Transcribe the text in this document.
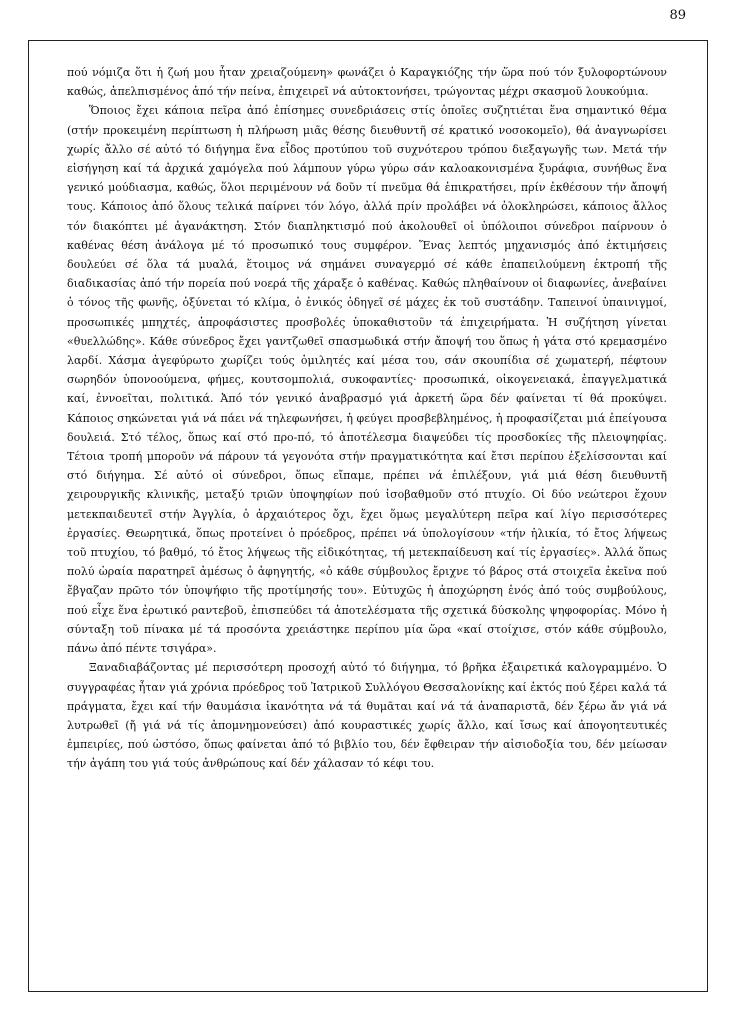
89

πού νόμιζα ὅτι ἡ ζωή μου ἦταν χρειαζούμενη» φωνάζει ὁ Καραγκιόζης τήν ὥρα πού τόν ξυλοφορτώνουν καθώς, ἀπελπισμένος ἀπό τήν πείνα, ἐπιχειρεῖ νά αὐτοκτονήσει, τρώγοντας μέχρι σκασμοῦ λουκούμια.

Ὅποιος ἔχει κάποια πεῖρα ἀπό ἐπίσημες συνεδριάσεις στίς ὁποῖες συζητιέται ἕνα σημαντικό θέμα (στήν προκειμένη περίπτωση ἡ πλήρωση μιᾶς θέσης διευθυντῆ σέ κρατικό νοσοκομεῖο), θά ἀναγνωρίσει χωρίς ἄλλο σέ αὐτό τό διήγημα ἕνα εἶδος προτύπου τοῦ συχνότερου τρόπου διεξαγωγῆς των. Μετά τήν εἰσήγηση καί τά ἀρχικά χαμόγελα πού λάμπουν γύρω γύρω σάν καλοακονισμένα ξυράφια, συνήθως ἕνα γενικό μούδιασμα, καθώς, ὅλοι περιμένουν νά δοῦν τί πνεῦμα θά ἐπικρατήσει, πρίν ἐκθέσουν τήν ἄποψή τους. Κάποιος ἀπό ὅλους τελικά παίρνει τόν λόγο, ἀλλά πρίν προλάβει νά ὁλοκληρώσει, κάποιος ἄλλος τόν διακόπτει μέ ἀγανάκτηση. Στόν διαπληκτισμό πού ἀκολουθεῖ οἱ ὑπόλοιποι σύνεδροι παίρνουν ὁ καθένας θέση ἀνάλογα μέ τό προσωπικό τους συμφέρον. Ἕνας λεπτός μηχανισμός ἀπό ἐκτιμήσεις δουλεύει σέ ὅλα τά μυαλά, ἕτοιμος νά σημάνει συναγερμό σέ κάθε ἐπαπειλούμενη ἐκτροπή τῆς διαδικασίας ἀπό τήν πορεία πού νοερά τῆς χάραξε ὁ καθένας. Καθώς πληθαίνουν οἱ διαφωνίες, ἀνεβαίνει ὁ τόνος τῆς φωνῆς, ὀξύνεται τό κλίμα, ὁ ἐνικός ὁδηγεῖ σέ μάχες ἐκ τοῦ συστάδην. Ταπεινοί ὑπαινιγμοί, προσωπικές μπηχτές, ἀπροφάσιστες προσβολές ὑποκαθιστοῦν τά ἐπιχειρήματα. Ἡ συζήτηση γίνεται «θυελλώδης». Κάθε σύνεδρος ἔχει γαντζωθεῖ σπασμωδικά στήν ἄποψή του ὅπως ἡ γάτα στό κρεμασμένο λαρδί. Χάσμα ἀγεφύρωτο χωρίζει τούς ὁμιλητές καί μέσα του, σάν σκουπίδια σέ χωματερή, πέφτουν σωρηδόν ὑπονοούμενα, φήμες, κουτσομπολιά, συκοφαντίες· προσωπικά, οἰκογενειακά, ἐπαγγελματικά καί, ἐννοεῖται, πολιτικά. Ἀπό τόν γενικό ἀναβρασμό γιά ἀρκετή ὥρα δέν φαίνεται τί θά προκύψει. Κάποιος σηκώνεται γιά νά πάει νά τηλεφωνήσει, ἡ φεύγει προσβεβλημένος, ἡ προφασίζεται μιά ἐπείγουσα δουλειά. Στό τέλος, ὅπως καί στό προ-πό, τό ἀποτέλεσμα διαψεύδει τίς προσδοκίες τῆς πλειοψηφίας. Τέτοια τροπή μποροῦν νά πάρουν τά γεγονότα στήν πραγματικότητα καί ἔτσι περίπου ἐξελίσσονται καί στό διήγημα. Σέ αὐτό οἱ σύνεδροι, ὅπως εἴπαμε, πρέπει νά ἐπιλέξουν, γιά μιά θέση διευθυντῆ χειρουργικῆς κλινικῆς, μεταξύ τριῶν ὑποψηφίων πού ἰσοβαθμοῦν στό πτυχίο. Οἱ δύο νεώτεροι ἔχουν μετεκπαιδευτεῖ στήν Ἀγγλία, ὁ ἀρχαιότερος ὄχι, ἔχει ὅμως μεγαλύτερη πεῖρα καί λίγο περισσότερες ἐργασίες. Θεωρητικά, ὅπως προτείνει ὁ πρόεδρος, πρέπει νά ὑπολογίσουν «τήν ἡλικία, τό ἔτος λήψεως τοῦ πτυχίου, τό βαθμό, τό ἔτος λήψεως τῆς εἰδικότητας, τή μετεκπαίδευση καί τίς ἐργασίες». Ἀλλά ὅπως πολύ ὡραία παρατηρεῖ ἀμέσως ὁ ἀφηγητής, «ὁ κάθε σύμβουλος ἔριχνε τό βάρος στά στοιχεῖα ἐκεῖνα πού ἔβγαζαν πρῶτο τόν ὑποψήφιο τῆς προτίμησής του». Εὐτυχῶς ἡ ἀποχώρηση ἑνός ἀπό τούς συμβούλους, πού εἶχε ἕνα ἐρωτικό ραντεβοῦ, ἐπισπεύδει τά ἀποτελέσματα τῆς σχετικά δύσκολης ψηφοφορίας. Μόνο ἡ σύνταξη τοῦ πίνακα μέ τά προσόντα χρειάστηκε περίπου μία ὥρα «καί στοίχισε, στόν κάθε σύμβουλο, πάνω ἀπό πέντε τσιγάρα».

Ξαναδιαβάζοντας μέ περισσότερη προσοχή αὐτό τό διήγημα, τό βρῆκα ἐξαιρετικά καλογραμμένο. Ὁ συγγραφέας ἦταν γιά χρόνια πρόεδρος τοῦ Ἰατρικοῦ Συλλόγου Θεσσαλονίκης καί ἐκτός πού ξέρει καλά τά πράγματα, ἔχει καί τήν θαυμάσια ἱκανότητα νά τά θυμᾶται καί νά τά ἀναπαριστᾶ, δέν ξέρω ἄν γιά νά λυτρωθεῖ (ἤ γιά νά τίς ἀπομνημονεύσει) ἀπό κουραστικές χωρίς ἄλλο, καί ἴσως καί ἀπογοητευτικές ἐμπειρίες, πού ὡστόσο, ὅπως φαίνεται ἀπό τό βιβλίο του, δέν ἔφθειραν τήν αἰσιοδοξία του, δέν μείωσαν τήν ἀγάπη του γιά τούς ἀνθρώπους καί δέν χάλασαν τό κέφι του.
